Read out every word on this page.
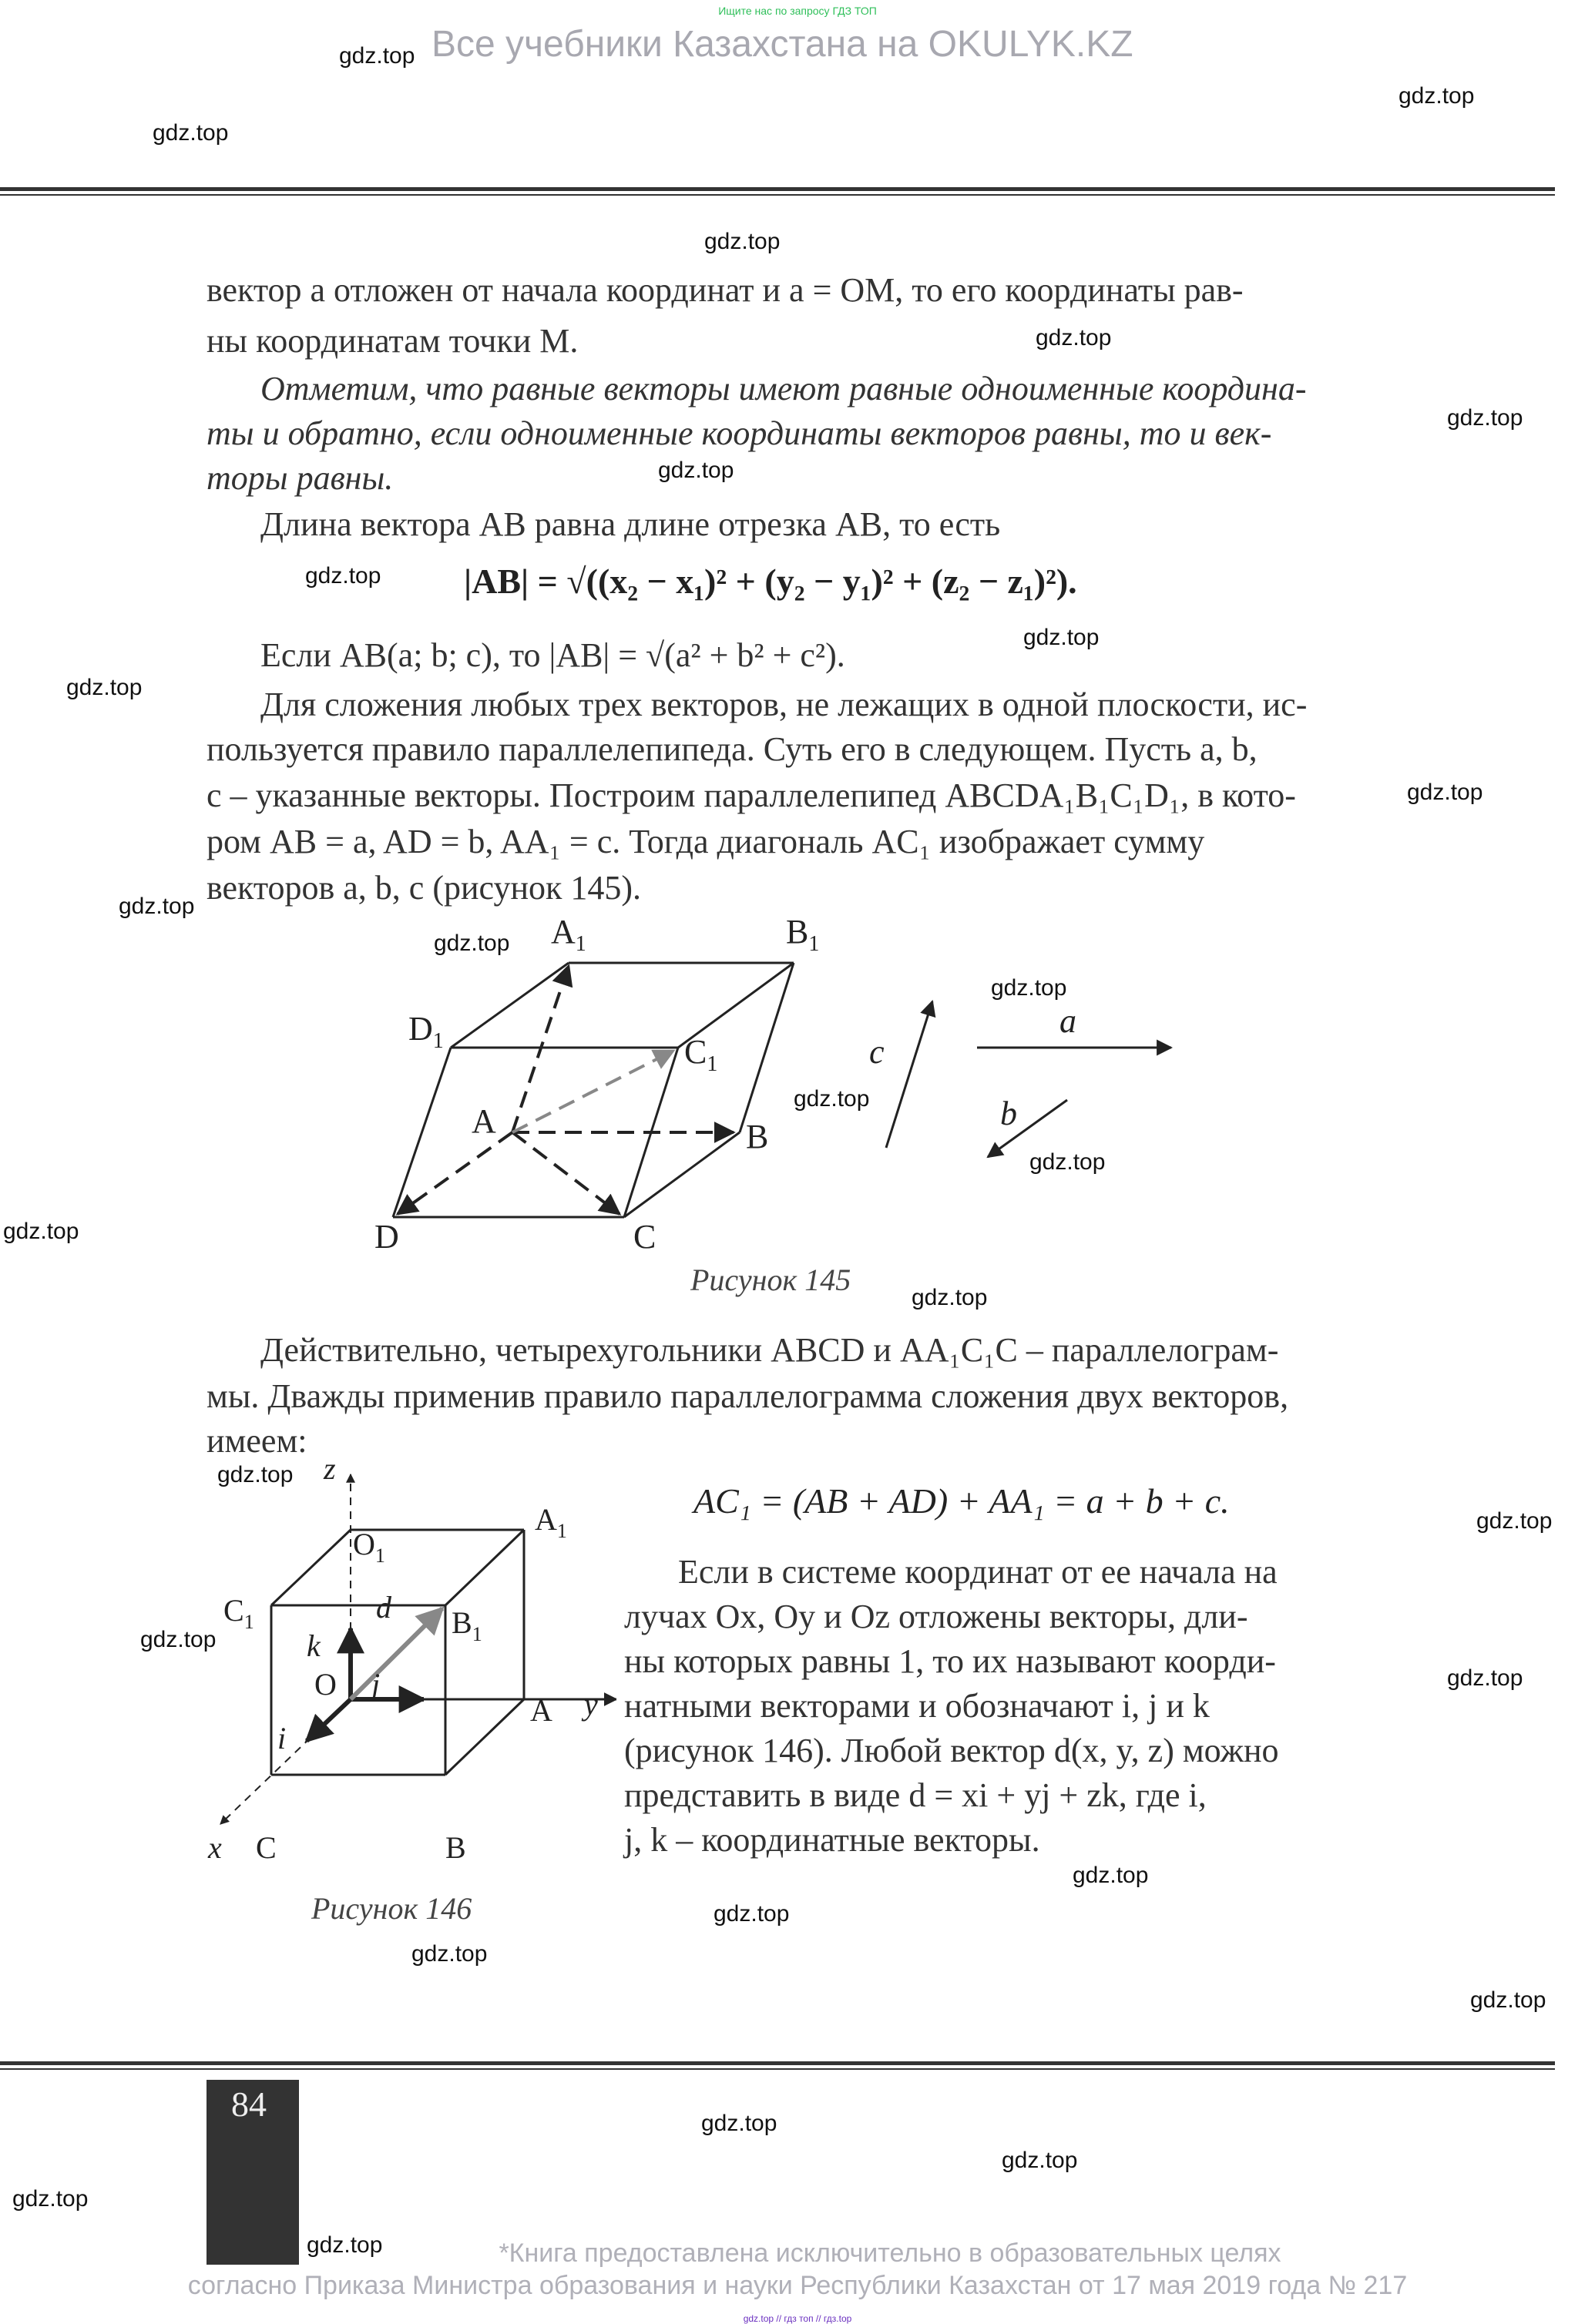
Ищите нас по запросу ГДЗ ТОП
Все учебники Казахстана на OKULYK.KZ
gdz.top
gdz.top
gdz.top
gdz.top
gdz.top
gdz.top
gdz.top
gdz.top
gdz.top
gdz.top
gdz.top
gdz.top
gdz.top
gdz.top
gdz.top
gdz.top
gdz.top
gdz.top
gdz.top
gdz.top
gdz.top
gdz.top
gdz.top
gdz.top
gdz.top
gdz.top
gdz.top
gdz.top
gdz.top
gdz.top
вектор a отложен от начала координат и a = OM, то его координаты рав-
ны координатам точки M.
Отметим, что равные векторы имеют равные одноименные координа-
ты и обратно, если одноименные координаты векторов равны, то и век-
торы равны.
Длина вектора AB равна длине отрезка AB, то есть
|AB| = √((x₂ − x₁)² + (y₂ − y₁)² + (z₂ − z₁)²).
Если AB(a; b; c), то |AB| = √(a² + b² + c²).
Для сложения любых трех векторов, не лежащих в одной плоскости, ис-
пользуется правило параллелепипеда. Суть его в следующем. Пусть a, b,
c – указанные векторы. Построим параллелепипед ABCDA₁B₁C₁D₁, в кото-
ром AB = a, AD = b, AA₁ = c. Тогда диагональ AC₁ изображает сумму
векторов a, b, c (рисунок 145).
$A_1$	$B_1$
$D_1$	$C_1$
A	B
D	C
c
a
b
Рисунок 145
Действительно, четырехугольники ABCD и AA₁C₁C – параллелограм-
мы. Дважды применив правило параллелограмма сложения двух векторов,
имеем:
z
y
x
$O_1$
$A_1$
$C_1$	$B_1$
O
A
C	B
k
j
i
d
Рисунок 146
AC₁ = (AB + AD) + AA₁ = a + b + c.
Если в системе координат от ее начала на
лучах Ox, Oy и Oz отложены векторы, дли-
ны которых равны 1, то их называют коорди-
натными векторами и обозначают i, j и k
(рисунок 146). Любой вектор d(x, y, z) можно
представить в виде d = xi + yj + zk, где i,
j, k – координатные векторы.
84
*Книга предоставлена исключительно в образовательных целях
согласно Приказа Министра образования и науки Республики Казахстан от 17 мая 2019 года № 217
gdz.top // гдз топ // гдз.top
